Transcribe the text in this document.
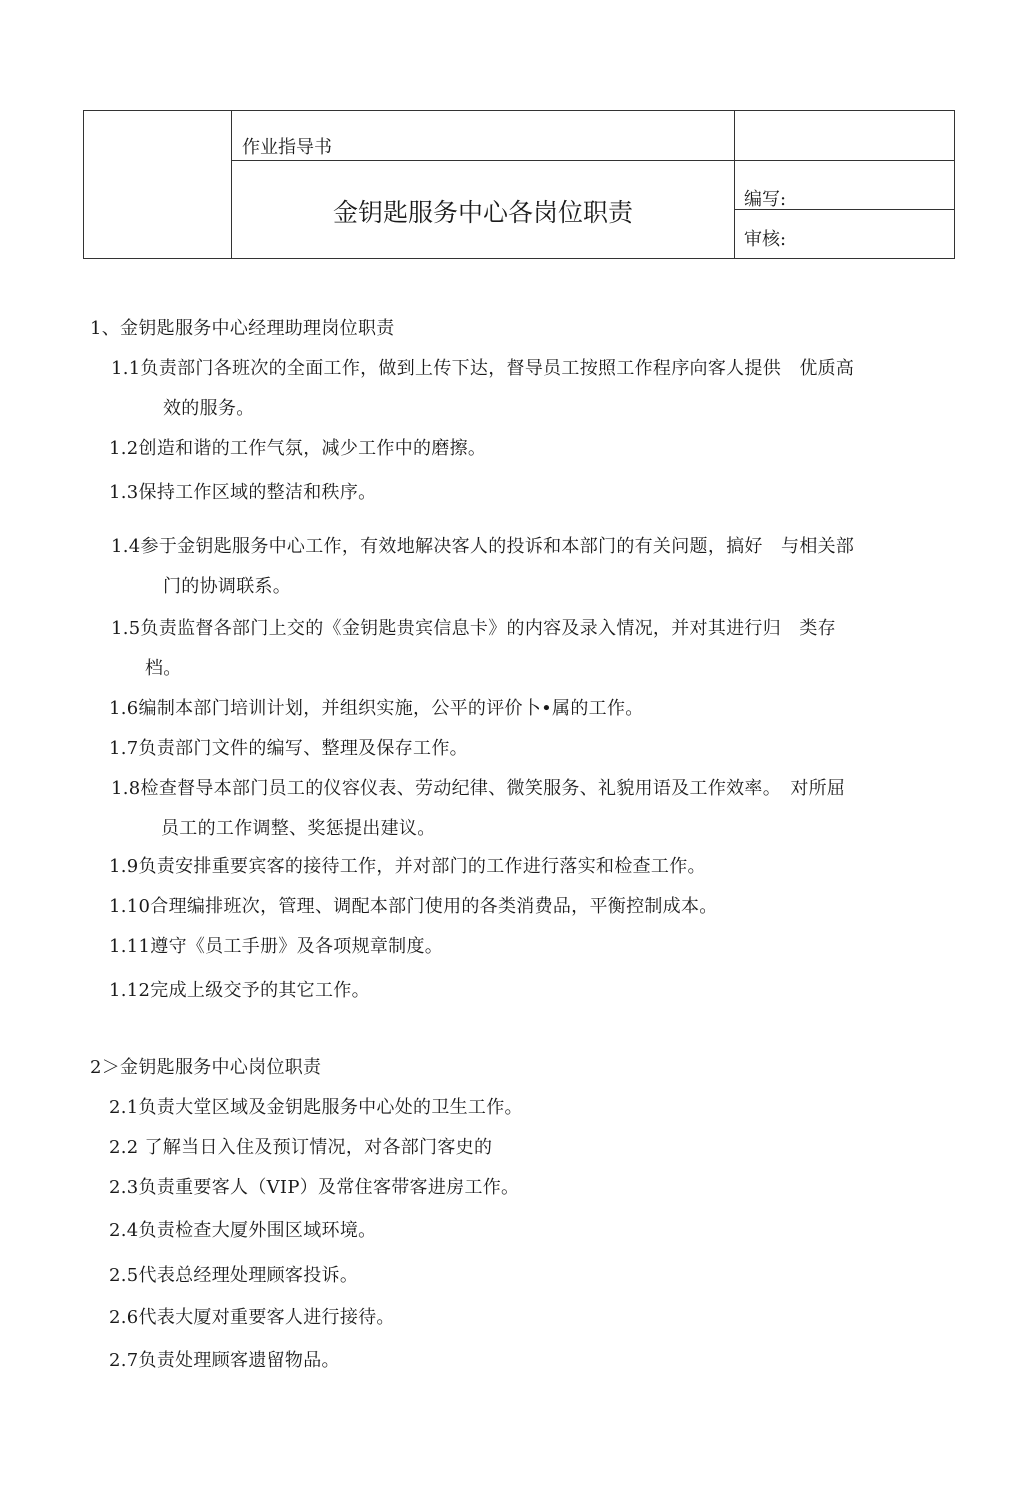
作业指导书
金钥匙服务中心各岗位职责	编写:
审核:
1、金钥匙服务中心经理助理岗位职责
1.1负责部门各班次的全面工作，做到上传下达，督导员工按照工作程序向客人提供　优质高
效的服务。
1.2创造和谐的工作气氛，减少工作中的磨擦。
1.3保持工作区域的整洁和秩序。
1.4参于金钥匙服务中心工作，有效地解决客人的投诉和本部门的有关问题，搞好　与相关部
门的协调联系。
1.5负责监督各部门上交的《金钥匙贵宾信息卡》的内容及录入情况，并对其进行归　类存
档。
1.6编制本部门培训计划，并组织实施，公平的评价卜•属的工作。
1.7负责部门文件的编写、整理及保存工作。
1.8检查督导本部门员工的仪容仪表、劳动纪律、微笑服务、礼貌用语及工作效率。　对所屈
员工的工作调整、奖惩提出建议。
1.9负责安排重要宾客的接待工作，并对部门的工作进行落实和检查工作。
1.10合理编排班次，管理、调配本部门使用的各类消费品，平衡控制成本。
1.11遵守《员工手册》及各项规章制度。
1.12完成上级交予的其它工作。
2＞金钥匙服务中心岗位职责
2.1负责大堂区域及金钥匙服务中心处的卫生工作。
2.2 了解当日入住及预订情况，对各部门客史的
2.3负责重要客人（VIP）及常住客带客进房工作。
2.4负责检查大厦外围区域环境。
2.5代表总经理处理顾客投诉。
2.6代表大厦对重要客人进行接待。
2.7负责处理顾客遗留物品。
